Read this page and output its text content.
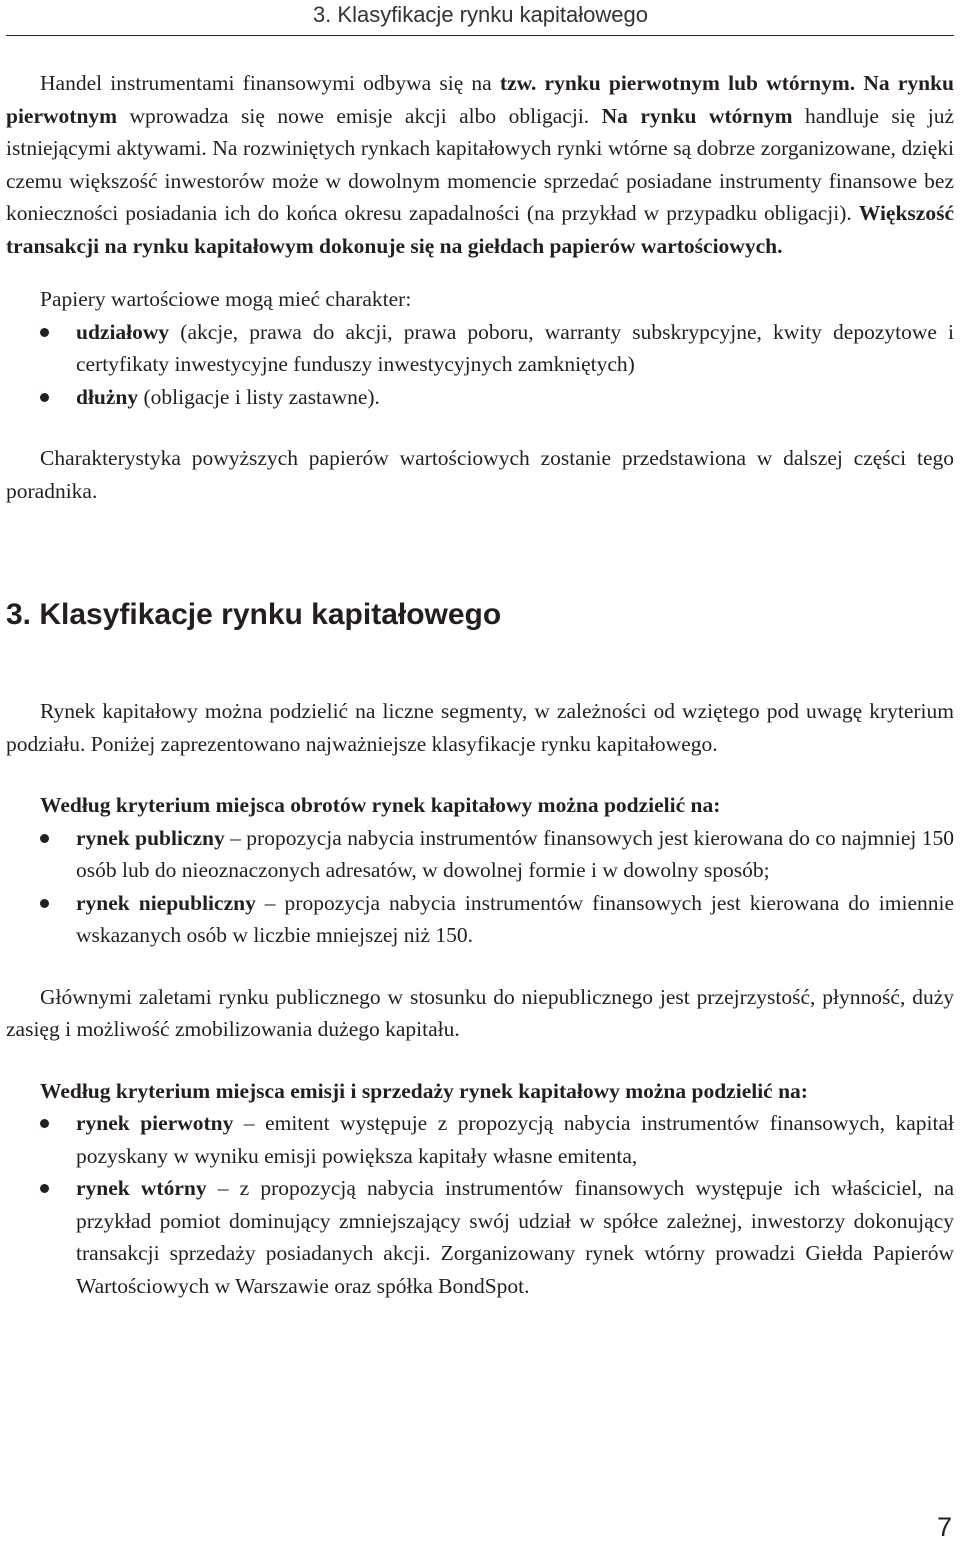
3. Klasyfikacje rynku kapitałowego

Handel instrumentami finansowymi odbywa się na tzw. rynku pierwotnym lub wtórnym. Na rynku pierwotnym wprowadza się nowe emisje akcji albo obligacji. Na rynku wtórnym handluje się już istniejącymi aktywami. Na rozwiniętych rynkach kapitałowych rynki wtórne są dobrze zorganizowane, dzięki czemu większość inwestorów może w dowolnym momencie sprzedać posiadane instrumenty finansowe bez konieczności posiadania ich do końca okresu zapadalności (na przykład w przypadku obligacji). Większość transakcji na rynku kapitałowym dokonuje się na giełdach papierów wartościowych.

Papiery wartościowe mogą mieć charakter:

udziałowy (akcje, prawa do akcji, prawa poboru, warranty subskrypcyjne, kwity depozytowe i certyfikaty inwestycyjne funduszy inwestycyjnych zamkniętych)
dłużny (obligacje i listy zastawne).

Charakterystyka powyższych papierów wartościowych zostanie przedstawiona w dalszej części tego poradnika.

3. Klasyfikacje rynku kapitałowego

Rynek kapitałowy można podzielić na liczne segmenty, w zależności od wziętego pod uwagę kryterium podziału. Poniżej zaprezentowano najważniejsze klasyfikacje rynku kapitałowego.

Według kryterium miejsca obrotów rynek kapitałowy można podzielić na:

rynek publiczny – propozycja nabycia instrumentów finansowych jest kierowana do co najmniej 150 osób lub do nieoznaczonych adresatów, w dowolnej formie i w dowolny sposób;
rynek niepubliczny – propozycja nabycia instrumentów finansowych jest kierowana do imiennie wskazanych osób w liczbie mniejszej niż 150.

Głównymi zaletami rynku publicznego w stosunku do niepublicznego jest przejrzystość, płynność, duży zasięg i możliwość zmobilizowania dużego kapitału.

Według kryterium miejsca emisji i sprzedaży rynek kapitałowy można podzielić na:

rynek pierwotny – emitent występuje z propozycją nabycia instrumentów finansowych, kapitał pozyskany w wyniku emisji powiększa kapitały własne emitenta,
rynek wtórny – z propozycją nabycia instrumentów finansowych występuje ich właściciel, na przykład pomiot dominujący zmniejszający swój udział w spółce zależnej, inwestorzy dokonujący transakcji sprzedaży posiadanych akcji. Zorganizowany rynek wtórny prowadzi Giełda Papierów Wartościowych w Warszawie oraz spółka BondSpot.
7
